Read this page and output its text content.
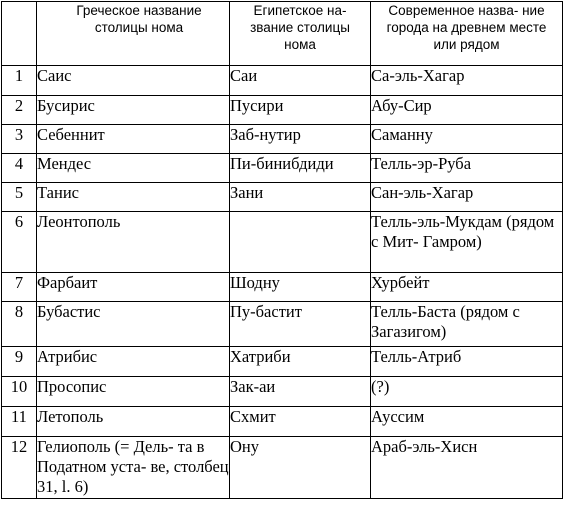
	Греческое название столицы нома	Египетское на- звание столицы нома	Современное назва- ние города на древнем месте или рядом

1	Саис	Саи	Са-эль-Хагар

2	Бусирис	Пусири	Абу-Сир

3	Себеннит	Заб-нутир	Саманну

4	Мендес	Пи-бинибдиди	Телль-эр-Руба

5	Танис	Зани	Сан-эль-Хагар

6	Леонтополь		Телль-эль-Мукдам (рядом с Мит- Гамром)

7	Фарбаит	Шодну	Хурбейт

8	Бубастис	Пу-бастит	Телль-Баста (рядом с Загазигом)

9	Атрибис	Хатриби	Телль-Атриб

10	Просопис	Зак-аи	(?)

11	Летополь	Схмит	Аусcим

12	Гелиополь (= Дель- та в Податном уста- ве, столбец 31, l. 6)	Ону	Араб-эль-Хисн
